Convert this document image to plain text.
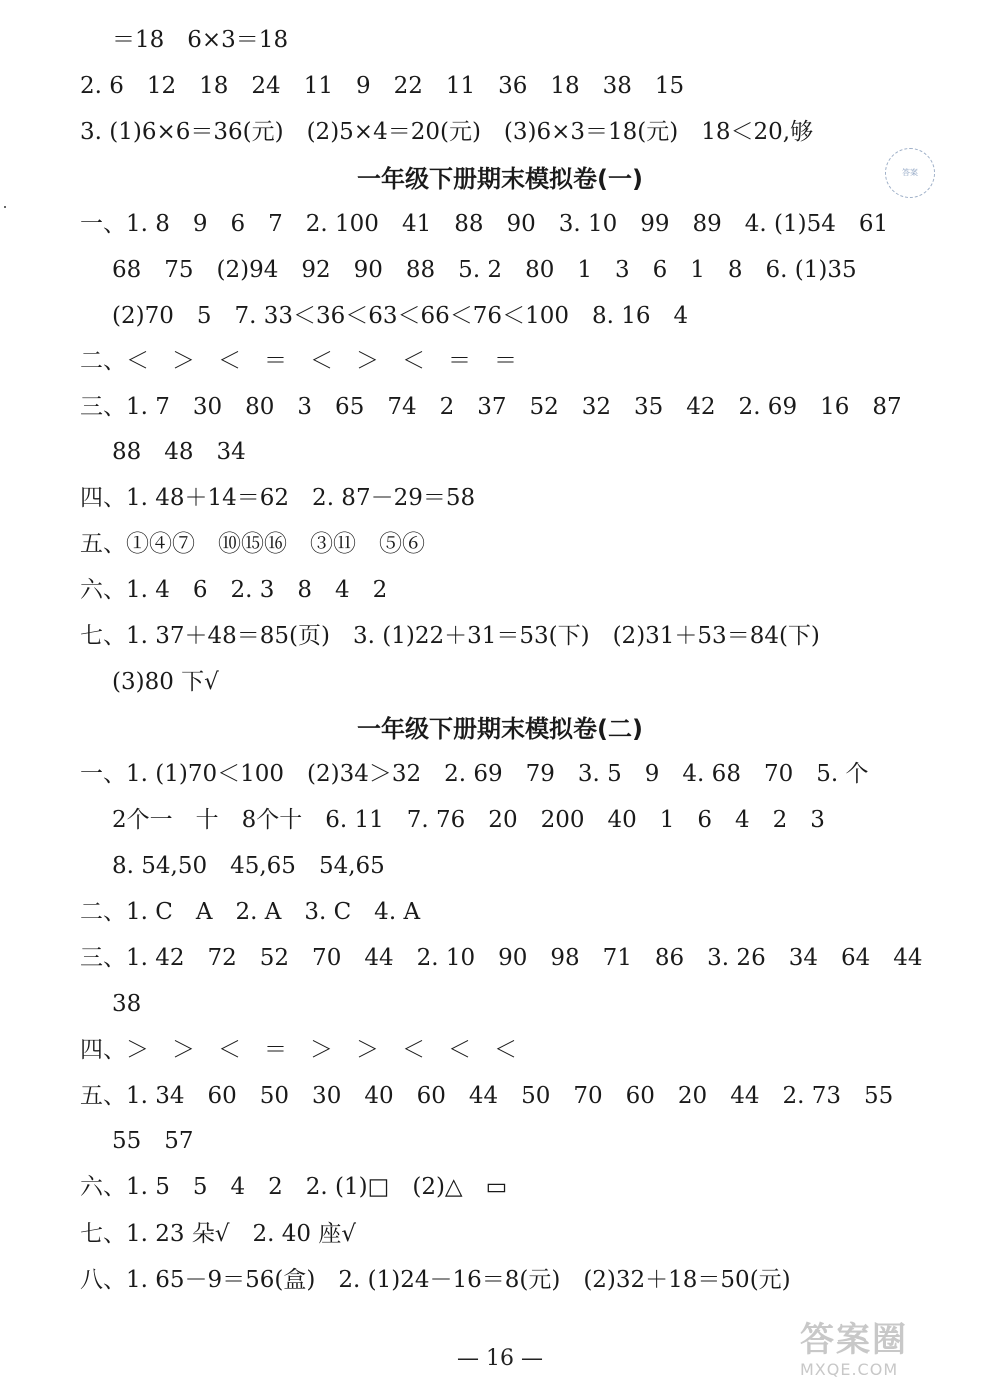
＝18　6×3＝18
2. 6　12　18　24　11　9　22　11　36　18　38　15
3. (1)6×6＝36(元)　(2)5×4＝20(元)　(3)6×3＝18(元)　18＜20,够
答案
一年级下册期末模拟卷(一)
一、1. 8　9　6　7　2. 100　41　88　90　3. 10　99　89　4. (1)54　61
68　75　(2)94　92　90　88　5. 2　80　1　3　6　1　8　6. (1)35
(2)70　5　7. 33＜36＜63＜66＜76＜100　8. 16　4
二、＜　＞　＜　＝　＜　＞　＜　＝　＝
三、1. 7　30　80　3　65　74　2　37　52　32　35　42　2. 69　16　87
88　48　34
四、1. 48＋14＝62　2. 87－29＝58
五、①④⑦　⑩⑮⑯　③⑪　⑤⑥
六、1. 4　6　2. 3　8　4　2
七、1. 37＋48＝85(页)　3. (1)22＋31＝53(下)　(2)31＋53＝84(下)
(3)80 下√
一年级下册期末模拟卷(二)
一、1. (1)70＜100　(2)34＞32　2. 69　79　3. 5　9　4. 68　70　5. 个
2个一　十　8个十　6. 11　7. 76　20　200　40　1　6　4　2　3
8. 54,50　45,65　54,65
二、1. C　A　2. A　3. C　4. A
三、1. 42　72　52　70　44　2. 10　90　98　71　86　3. 26　34　64　44
38
四、＞　＞　＜　＝　＞　＞　＜　＜　＜
五、1. 34　60　50　30　40　60　44　50　70　60　20　44　2. 73　55
55　57
六、1. 5　5　4　2　2. (1)□　(2)△　▭
七、1. 23 朵√　2. 40 座√
八、1. 65－9＝56(盒)　2. (1)24－16＝8(元)　(2)32＋18＝50(元)
— 16 —	答案圈
MXQE.COM
